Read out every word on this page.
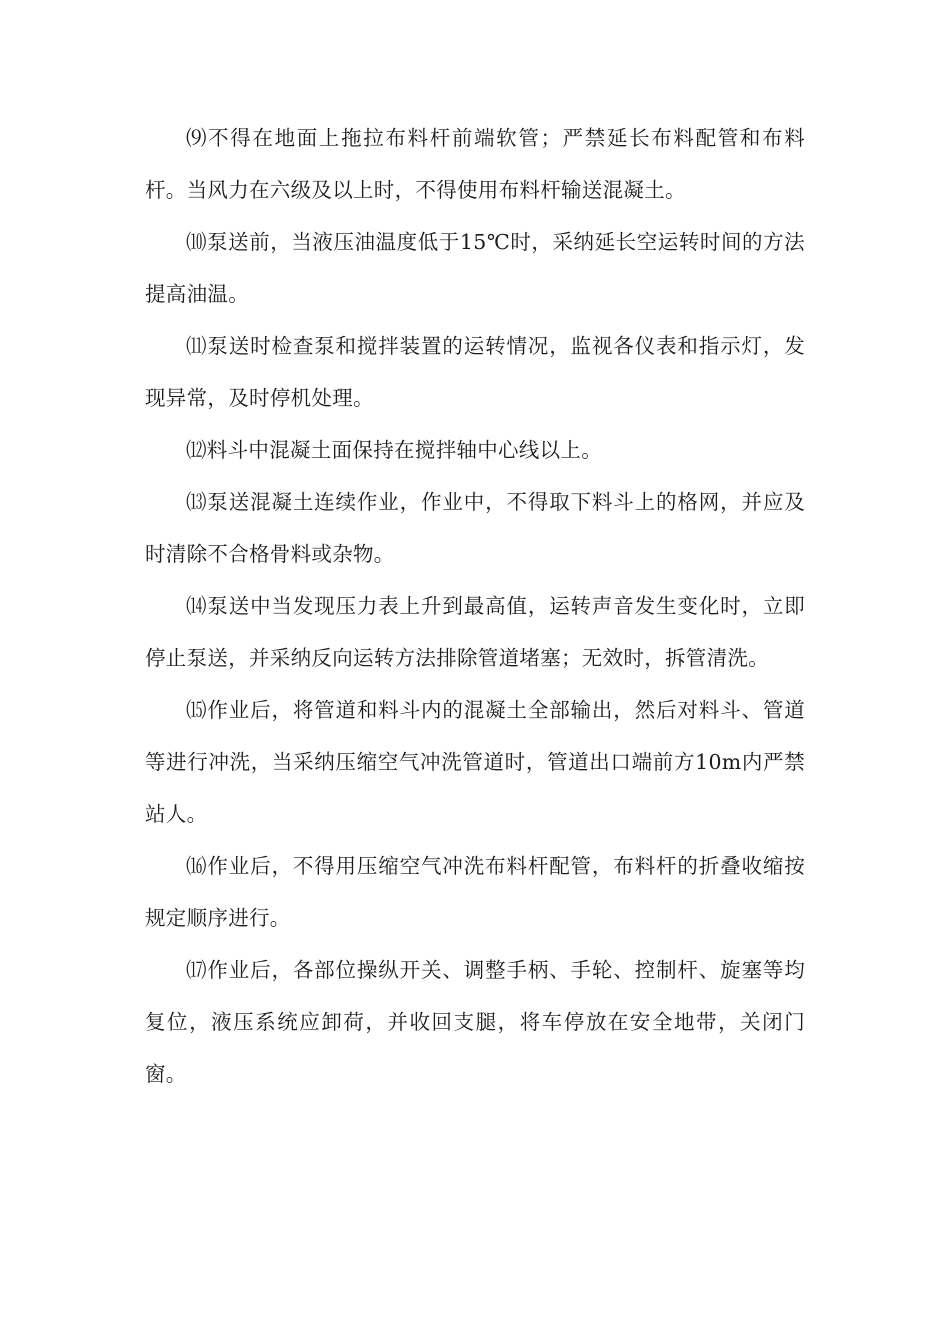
⑼不得在地面上拖拉布料杆前端软管；严禁延长布料配管和布料杆。当风力在六级及以上时，不得使用布料杆输送混凝土。

⑽泵送前，当液压油温度低于15℃时，采纳延长空运转时间的方法提高油温。

⑾泵送时检查泵和搅拌装置的运转情况，监视各仪表和指示灯，发现异常，及时停机处理。

⑿料斗中混凝土面保持在搅拌轴中心线以上。

⒀泵送混凝土连续作业，作业中，不得取下料斗上的格网，并应及时清除不合格骨料或杂物。

⒁泵送中当发现压力表上升到最高值，运转声音发生变化时，立即停止泵送，并采纳反向运转方法排除管道堵塞；无效时，拆管清洗。

⒂作业后，将管道和料斗内的混凝土全部输出，然后对料斗、管道等进行冲洗，当采纳压缩空气冲洗管道时，管道出口端前方10m内严禁站人。

⒃作业后，不得用压缩空气冲洗布料杆配管，布料杆的折叠收缩按规定顺序进行。

⒄作业后，各部位操纵开关、调整手柄、手轮、控制杆、旋塞等均复位，液压系统应卸荷，并收回支腿，将车停放在安全地带，关闭门窗。
